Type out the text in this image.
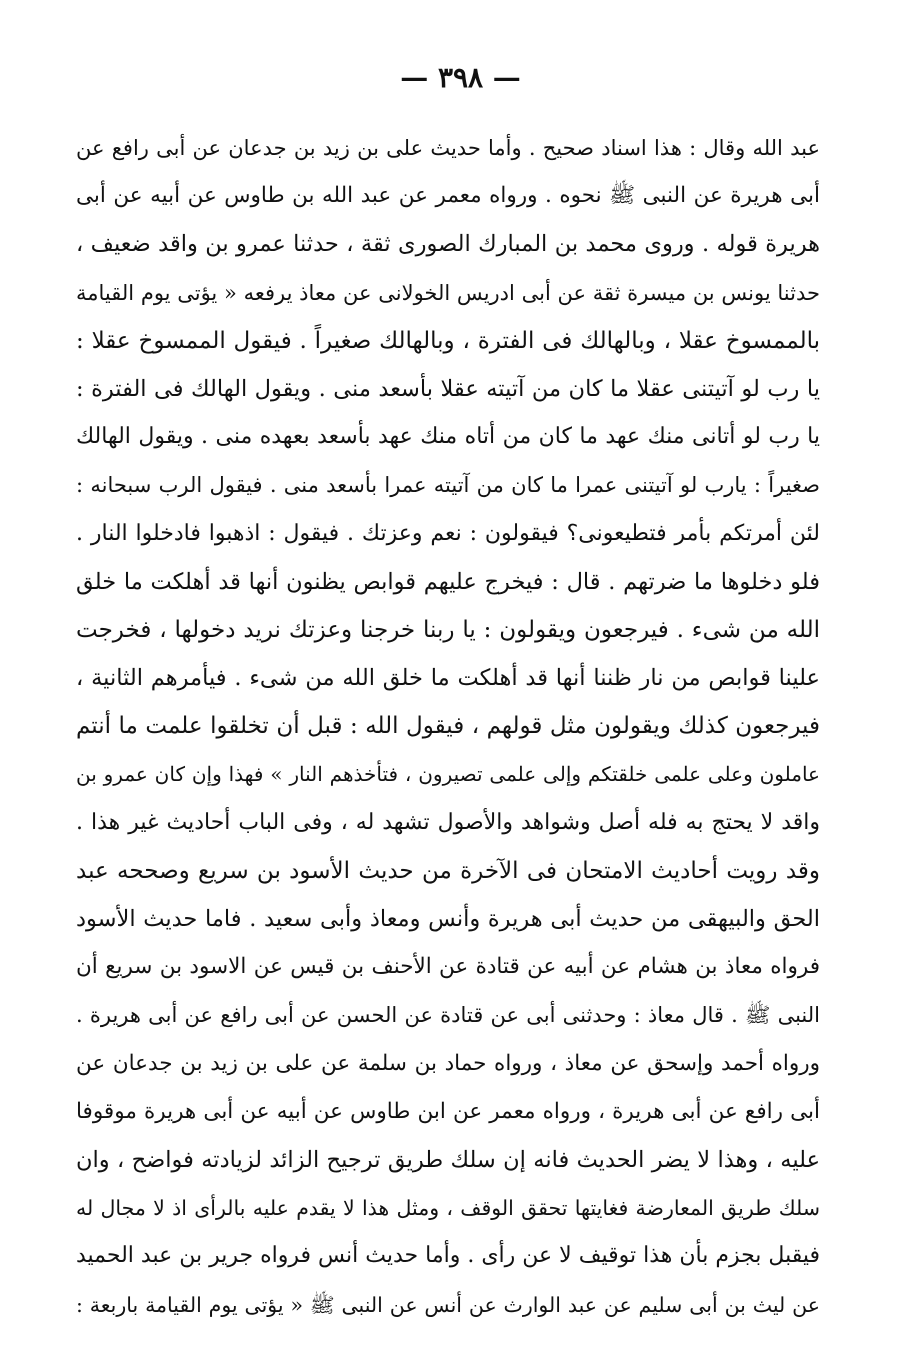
— ٣٩٨ —
عبد الله وقال : هذا اسناد صحيح . وأما حديث على بن زيد بن جدعان عن أبى رافع عن
أبى هريرة عن النبى ﷺ نحوه . ورواه معمر عن عبد الله بن طاوس عن أبيه عن أبى
هريرة قوله . وروى محمد بن المبارك الصورى ثقة ، حدثنا عمرو بن واقد ضعيف ،
حدثنا يونس بن ميسرة ثقة عن أبى ادريس الخولانى عن معاذ يرفعه « يؤتى يوم القيامة
بالممسوخ عقلا ، وبالهالك فى الفترة ، وبالهالك صغيراً . فيقول الممسوخ عقلا :
يا رب لو آتيتنى عقلا ما كان من آتيته عقلا بأسعد منى . ويقول الهالك فى الفترة :
يا رب لو أتانى منك عهد ما كان من أتاه منك عهد بأسعد بعهده منى . ويقول الهالك
صغيراً : يارب لو آتيتنى عمرا ما كان من آتيته عمرا بأسعد منى . فيقول الرب سبحانه :
لئن أمرتكم بأمر فتطيعونى؟ فيقولون : نعم وعزتك . فيقول : اذهبوا فادخلوا النار .
فلو دخلوها ما ضرتهم . قال : فيخرج عليهم قوابص يظنون أنها قد أهلكت ما خلق
الله من شىء . فيرجعون ويقولون : يا ربنا خرجنا وعزتك نريد دخولها ، فخرجت
علينا قوابص من نار ظننا أنها قد أهلكت ما خلق الله من شىء . فيأمرهم الثانية ،
فيرجعون كذلك ويقولون مثل قولهم ، فيقول الله : قبل أن تخلقوا علمت ما أنتم
عاملون وعلى علمى خلقتكم وإلى علمى تصيرون ، فتأخذهم النار » فهذا وإن كان عمرو بن
واقد لا يحتج به فله أصل وشواهد والأصول تشهد له ، وفى الباب أحاديث غير هذا .
وقد رويت أحاديث الامتحان فى الآخرة من حديث الأسود بن سريع وصححه عبد
الحق والبيهقى من حديث أبى هريرة وأنس ومعاذ وأبى سعيد . فاما حديث الأسود
فرواه معاذ بن هشام عن أبيه عن قتادة عن الأحنف بن قيس عن الاسود بن سريع أن
النبى ﷺ . قال معاذ : وحدثنى أبى عن قتادة عن الحسن عن أبى رافع عن أبى هريرة .
ورواه أحمد وإسحق عن معاذ ، ورواه حماد بن سلمة عن على بن زيد بن جدعان عن
أبى رافع عن أبى هريرة ، ورواه معمر عن ابن طاوس عن أبيه عن أبى هريرة موقوفا
عليه ، وهذا لا يضر الحديث فانه إن سلك طريق ترجيح الزائد لزيادته فواضح ، وان
سلك طريق المعارضة فغايتها تحقق الوقف ، ومثل هذا لا يقدم عليه بالرأى اذ لا مجال له
فيقبل بجزم بأن هذا توقيف لا عن رأى . وأما حديث أنس فرواه جرير بن عبد الحميد
عن ليث بن أبى سليم عن عبد الوارث عن أنس عن النبى ﷺ « يؤتى يوم القيامة باربعة :
